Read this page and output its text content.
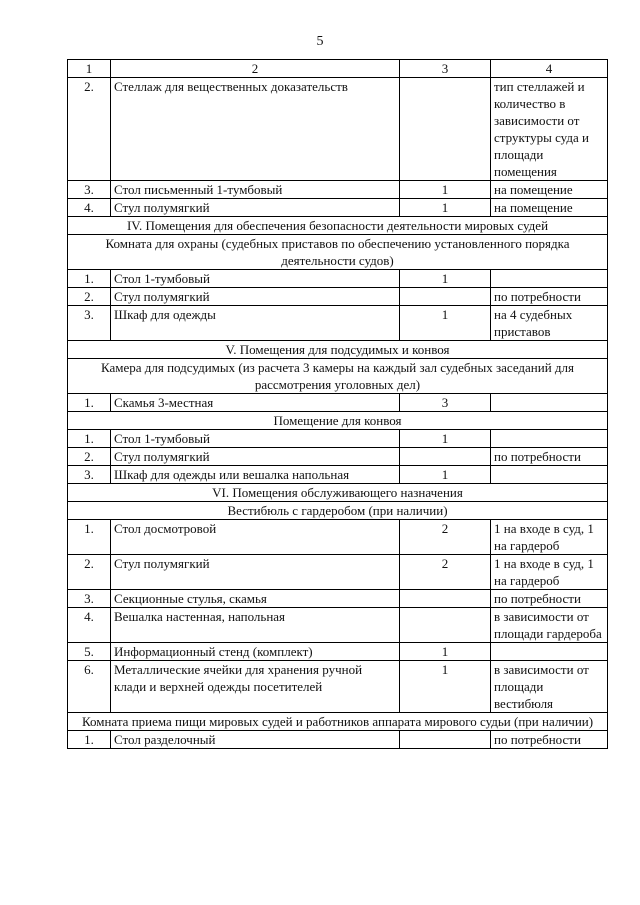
5
1	2	3	4
2.	Стеллаж для вещественных доказательств		тип стеллажей и количество в зависимости от структуры суда и площади помещения
3.	Стол письменный 1-тумбовый	1	на помещение
4.	Стул полумягкий	1	на помещение
IV. Помещения для обеспечения безопасности деятельности мировых судей			
Комната для охраны (судебных приставов по обеспечению установленного порядка деятельности судов)			
1.	Стол 1-тумбовый	1	
2.	Стул полумягкий		по потребности
3.	Шкаф для одежды	1	на 4 судебных приставов
V. Помещения для подсудимых и конвоя			
Камера для подсудимых (из расчета 3 камеры на каждый зал судебных заседаний для рассмотрения уголовных дел)			
1.	Скамья 3-местная	3	
Помещение для конвоя			
1.	Стол 1-тумбовый	1	
2.	Стул полумягкий		по потребности
3.	Шкаф для одежды или вешалка напольная	1	
VI. Помещения обслуживающего назначения			
Вестибюль с гардеробом (при наличии)			
1.	Стол досмотровой	2	1 на входе в суд, 1 на гардероб
2.	Стул полумягкий	2	1 на входе в суд, 1 на гардероб
3.	Секционные стулья, скамья		по потребности
4.	Вешалка настенная, напольная		в зависимости от площади гардероба
5.	Информационный стенд (комплект)	1	
6.	Металлические ячейки для хранения ручной клади и верхней одежды посетителей	1	в зависимости от площади вестибюля
Комната приема пищи мировых судей и работников аппарата мирового судьи (при наличии)			
1.	Стол разделочный		по потребности
